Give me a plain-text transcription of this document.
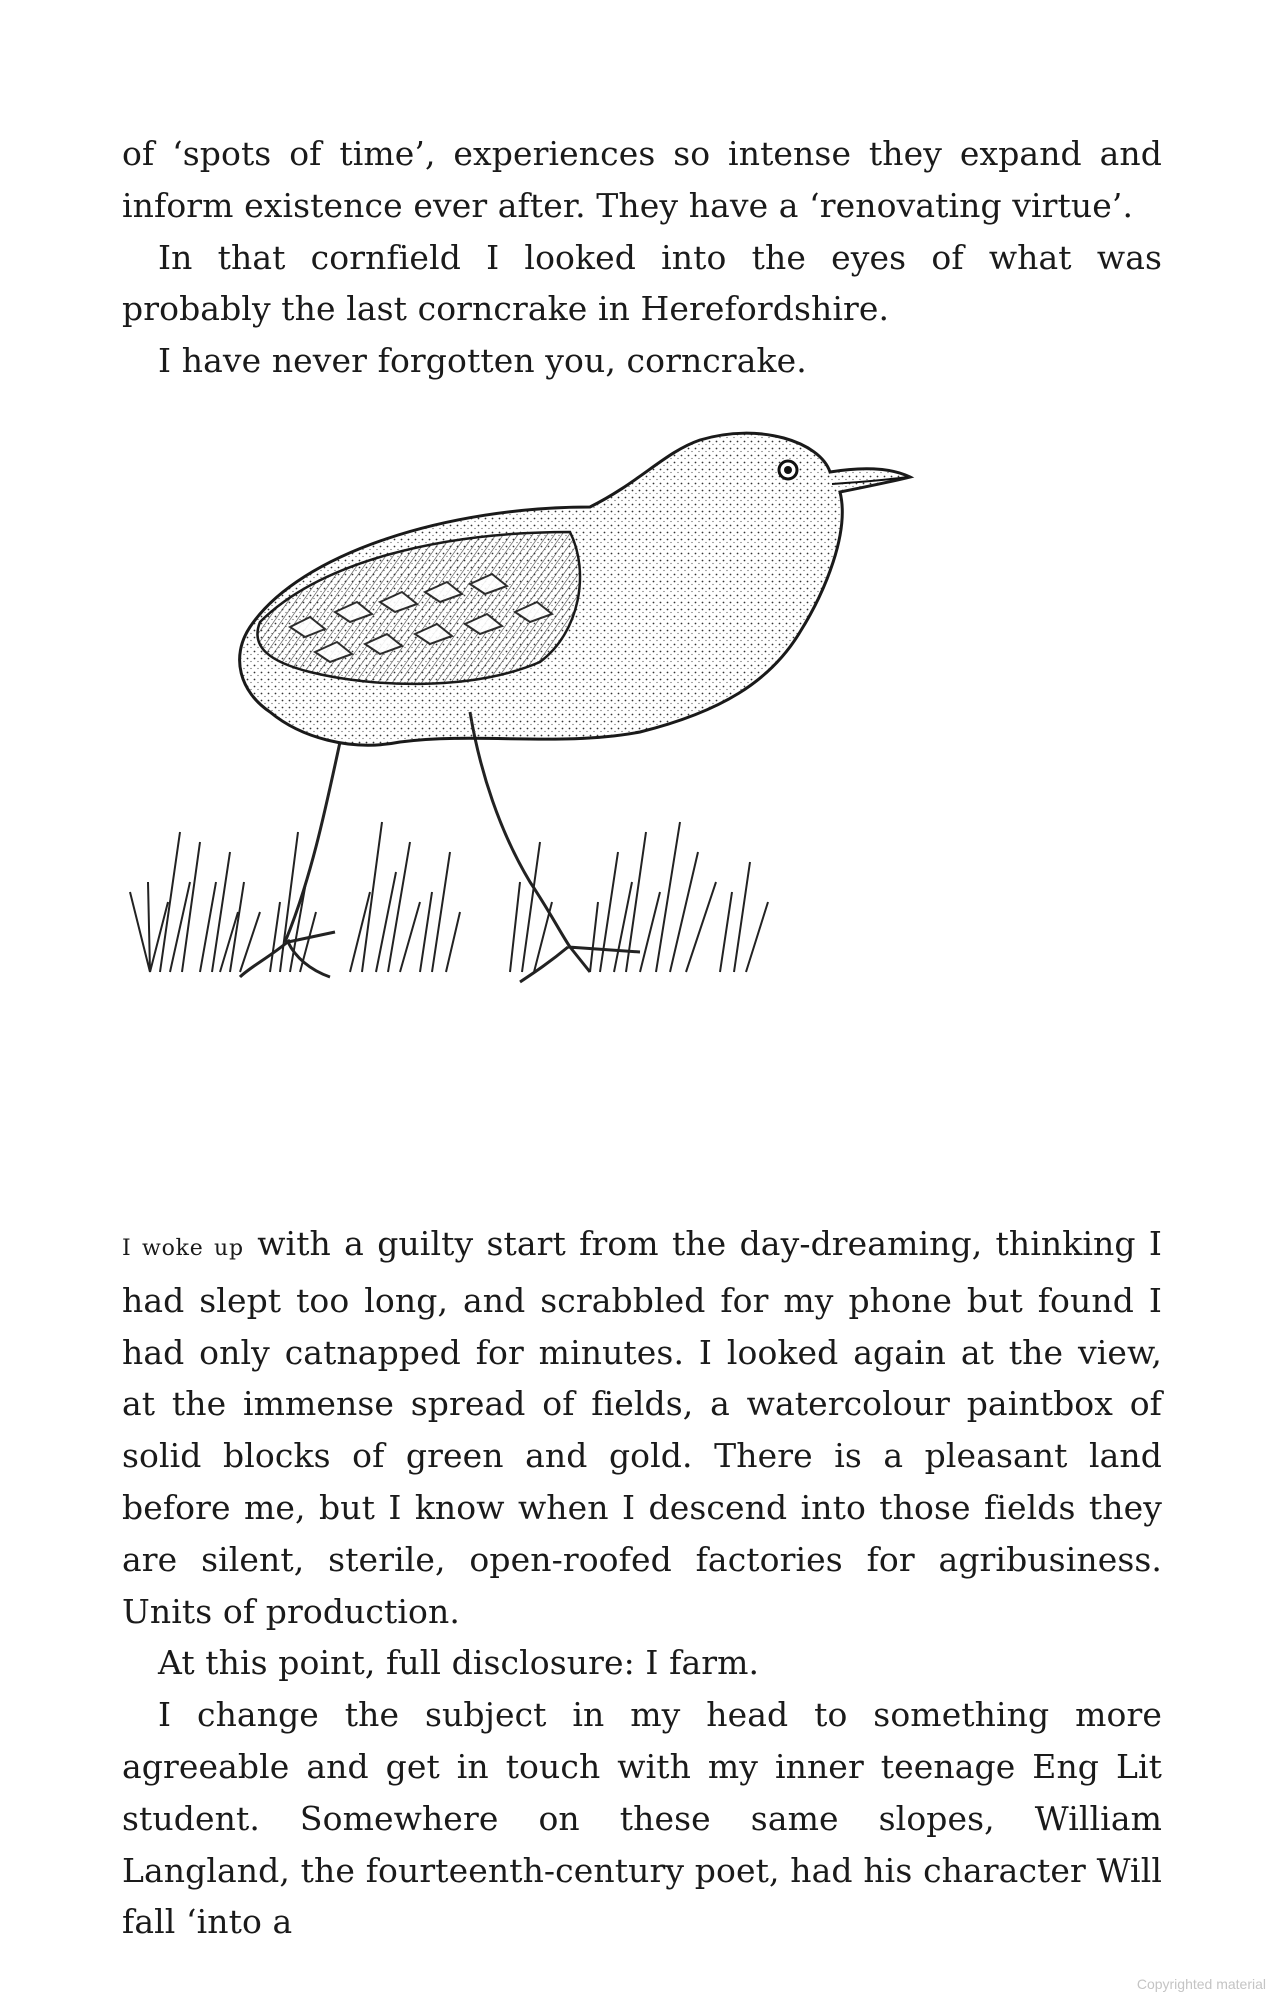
of ‘spots of time’, experiences so intense they expand and inform existence ever after. They have a ‘renovating virtue’.

In that cornfield I looked into the eyes of what was probably the last corncrake in Herefordshire.

I have never forgotten you, corncrake.

I woke up with a guilty start from the day-dreaming, thinking I had slept too long, and scrabbled for my phone but found I had only catnapped for minutes. I looked again at the view, at the immense spread of fields, a watercolour paintbox of solid blocks of green and gold. There is a pleasant land before me, but I know when I descend into those fields they are silent, sterile, open-roofed factories for agribusiness. Units of production.

At this point, full disclosure: I farm.

I change the subject in my head to something more agreeable and get in touch with my inner teenage Eng Lit student. Somewhere on these same slopes, William Langland, the fourteenth-century poet, had his character Will fall ‘into a

Copyrighted material
